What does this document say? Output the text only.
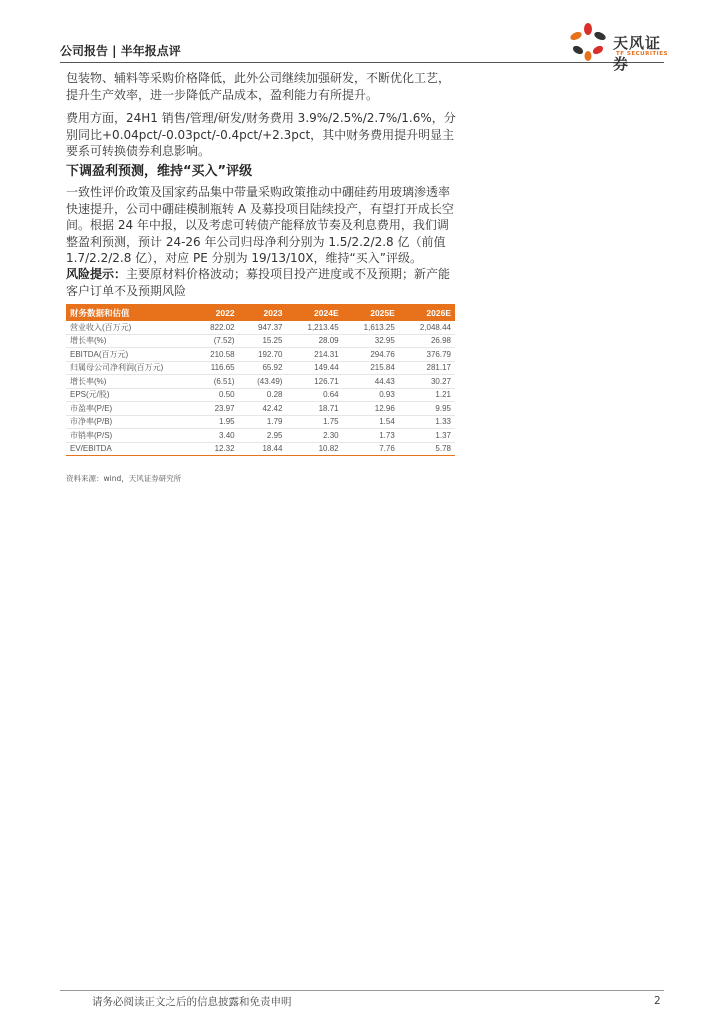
公司报告 | 半年报点评	天风证券
TF SECURITIES

包装物、辅料等采购价格降低，此外公司继续加强研发，不断优化工艺，提升生产效率，进一步降低产品成本，盈利能力有所提升。

费用方面，24H1 销售/管理/研发/财务费用 3.9%/2.5%/2.7%/1.6%，分别同比+0.04pct/-0.03pct/-0.4pct/+2.3pct，其中财务费用提升明显主要系可转换债券利息影响。

下调盈利预测，维持“买入”评级

一致性评价政策及国家药品集中带量采购政策推动中硼硅药用玻璃渗透率快速提升，公司中硼硅模制瓶转 A 及募投项目陆续投产，有望打开成长空间。根据 24 年中报，以及考虑可转债产能释放节奏及利息费用，我们调整盈利预测，预计 24-26 年公司归母净利分别为 1.5/2.2/2.8 亿（前值 1.7/2.2/2.8 亿），对应 PE 分别为 19/13/10X，维持“买入”评级。

风险提示：主要原材料价格波动；募投项目投产进度或不及预期；新产能客户订单不及预期风险

财务数据和估值	2022	2023	2024E	2025E	2026E
营业收入(百万元)	822.02	947.37	1,213.45	1,613.25	2,048.44
增长率(%)	(7.52)	15.25	28.09	32.95	26.98
EBITDA(百万元)	210.58	192.70	214.31	294.76	376.79
归属母公司净利润(百万元)	116.65	65.92	149.44	215.84	281.17
增长率(%)	(6.51)	(43.49)	126.71	44.43	30.27
EPS(元/股)	0.50	0.28	0.64	0.93	1.21
市盈率(P/E)	23.97	42.42	18.71	12.96	9.95
市净率(P/B)	1.95	1.79	1.75	1.54	1.33
市销率(P/S)	3.40	2.95	2.30	1.73	1.37
EV/EBITDA	12.32	18.44	10.82	7.76	5.78
资料来源：wind，天风证券研究所
请务必阅读正文之后的信息披露和免责申明	2
